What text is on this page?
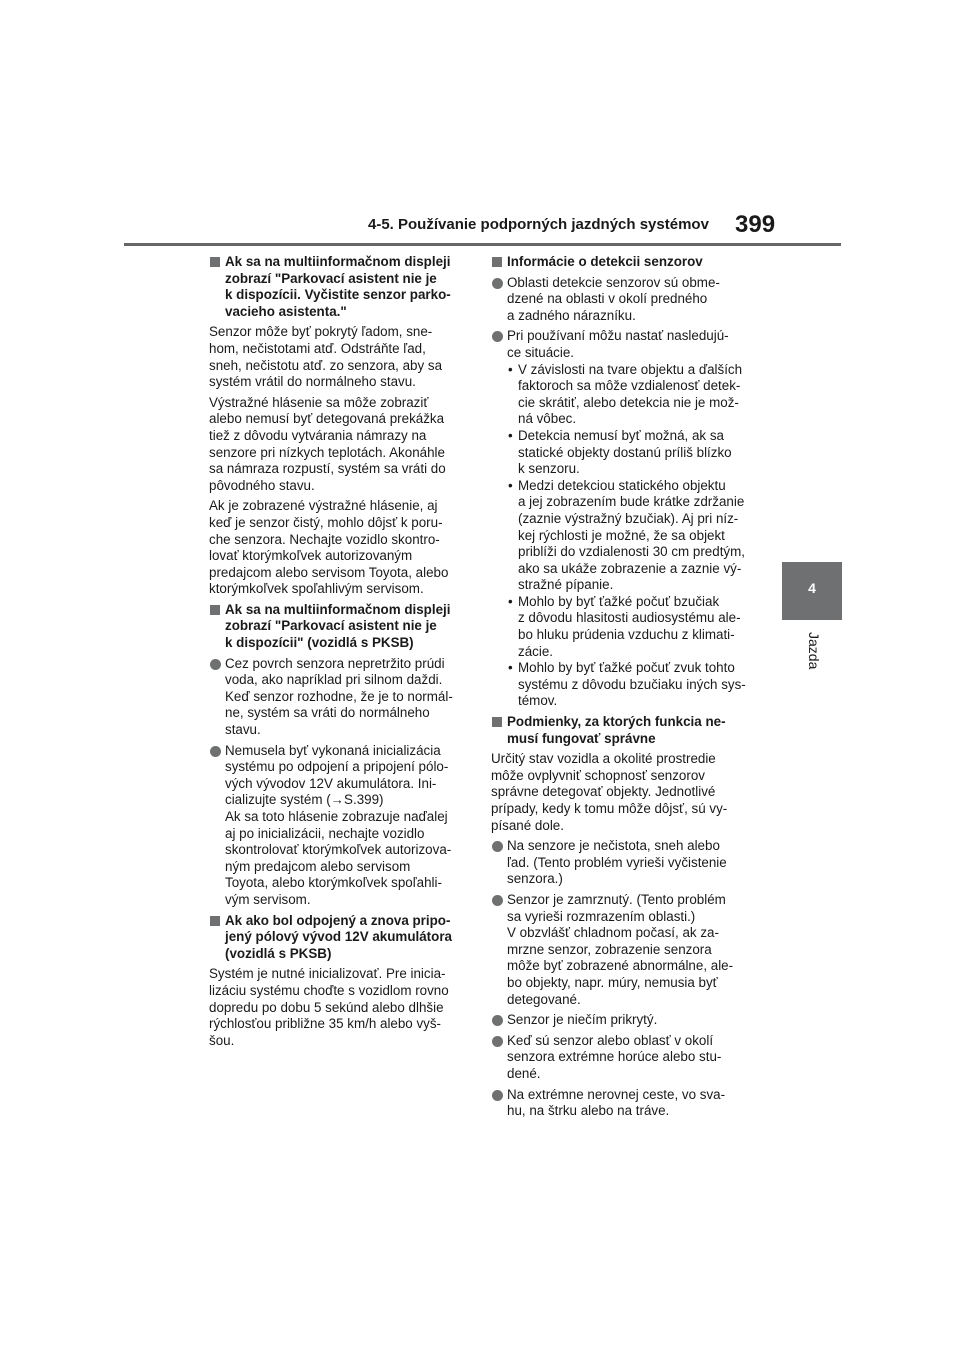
4-5. Používanie podporných jazdných systémov 399
4
Jazda
Ak sa na multiinformačnom displeji
zobrazí "Parkovací asistent nie je
k dispozícii. Vyčistite senzor parko-
vacieho asistenta."
Senzor môže byť pokrytý ľadom, sne-
hom, nečistotami atď. Odstráňte ľad,
sneh, nečistotu atď. zo senzora, aby sa
systém vrátil do normálneho stavu.
Výstražné hlásenie sa môže zobraziť
alebo nemusí byť detegovaná prekážka
tiež z dôvodu vytvárania námrazy na
senzore pri nízkych teplotách. Akonáhle
sa námraza rozpustí, systém sa vráti do
pôvodného stavu.
Ak je zobrazené výstražné hlásenie, aj
keď je senzor čistý, mohlo dôjsť k poru-
che senzora. Nechajte vozidlo skontro-
lovať ktorýmkoľvek autorizovaným
predajcom alebo servisom Toyota, alebo
ktorýmkoľvek spoľahlivým servisom.
Ak sa na multiinformačnom displeji
zobrazí "Parkovací asistent nie je
k dispozícii" (vozidlá s PKSB)
Cez povrch senzora nepretržito prúdi
voda, ako napríklad pri silnom daždi.
Keď senzor rozhodne, že je to normál-
ne, systém sa vráti do normálneho
stavu.
Nemusela byť vykonaná inicializácia
systému po odpojení a pripojení pólo-
vých vývodov 12V akumulátora. Ini-
cializujte systém (→S.399)
Ak sa toto hlásenie zobrazuje naďalej
aj po inicializácii, nechajte vozidlo
skontrolovať ktorýmkoľvek autorizova-
ným predajcom alebo servisom
Toyota, alebo ktorýmkoľvek spoľahli-
vým servisom.
Ak ako bol odpojený a znova pripo-
jený pólový vývod 12V akumulátora
(vozidlá s PKSB)
Systém je nutné inicializovať. Pre inicia-
lizáciu systému choďte s vozidlom rovno
dopredu po dobu 5 sekúnd alebo dlhšie
rýchlosťou približne 35 km/h alebo vyš-
šou.
Informácie o detekcii senzorov
Oblasti detekcie senzorov sú obme-
dzené na oblasti v okolí predného
a zadného nárazníku.
Pri používaní môžu nastať nasledujú-
ce situácie.
• V závislosti na tvare objektu a ďalších
faktoroch sa môže vzdialenosť detek-
cie skrátiť, alebo detekcia nie je mož-
ná vôbec.
• Detekcia nemusí byť možná, ak sa
statické objekty dostanú príliš blízko
k senzoru.
• Medzi detekciou statického objektu
a jej zobrazením bude krátke zdržanie
(zaznie výstražný bzučiak). Aj pri níz-
kej rýchlosti je možné, že sa objekt
priblíži do vzdialenosti 30 cm predtým,
ako sa ukáže zobrazenie a zaznie vý-
stražné pípanie.
• Mohlo by byť ťažké počuť bzučiak
z dôvodu hlasitosti audiosystému ale-
bo hluku prúdenia vzduchu z klimati-
zácie.
• Mohlo by byť ťažké počuť zvuk tohto
systému z dôvodu bzučiaku iných sys-
témov.
Podmienky, za ktorých funkcia ne-
musí fungovať správne
Určitý stav vozidla a okolité prostredie
môže ovplyvniť schopnosť senzorov
správne detegovať objekty. Jednotlivé
prípady, kedy k tomu môže dôjsť, sú vy-
písané dole.
Na senzore je nečistota, sneh alebo
ľad. (Tento problém vyrieši vyčistenie
senzora.)
Senzor je zamrznutý. (Tento problém
sa vyrieši rozmrazením oblasti.)
V obzvlášť chladnom počasí, ak za-
mrzne senzor, zobrazenie senzora
môže byť zobrazené abnormálne, ale-
bo objekty, napr. múry, nemusia byť
detegované.
Senzor je niečím prikrytý.
Keď sú senzor alebo oblasť v okolí
senzora extrémne horúce alebo stu-
dené.
Na extrémne nerovnej ceste, vo sva-
hu, na štrku alebo na tráve.
